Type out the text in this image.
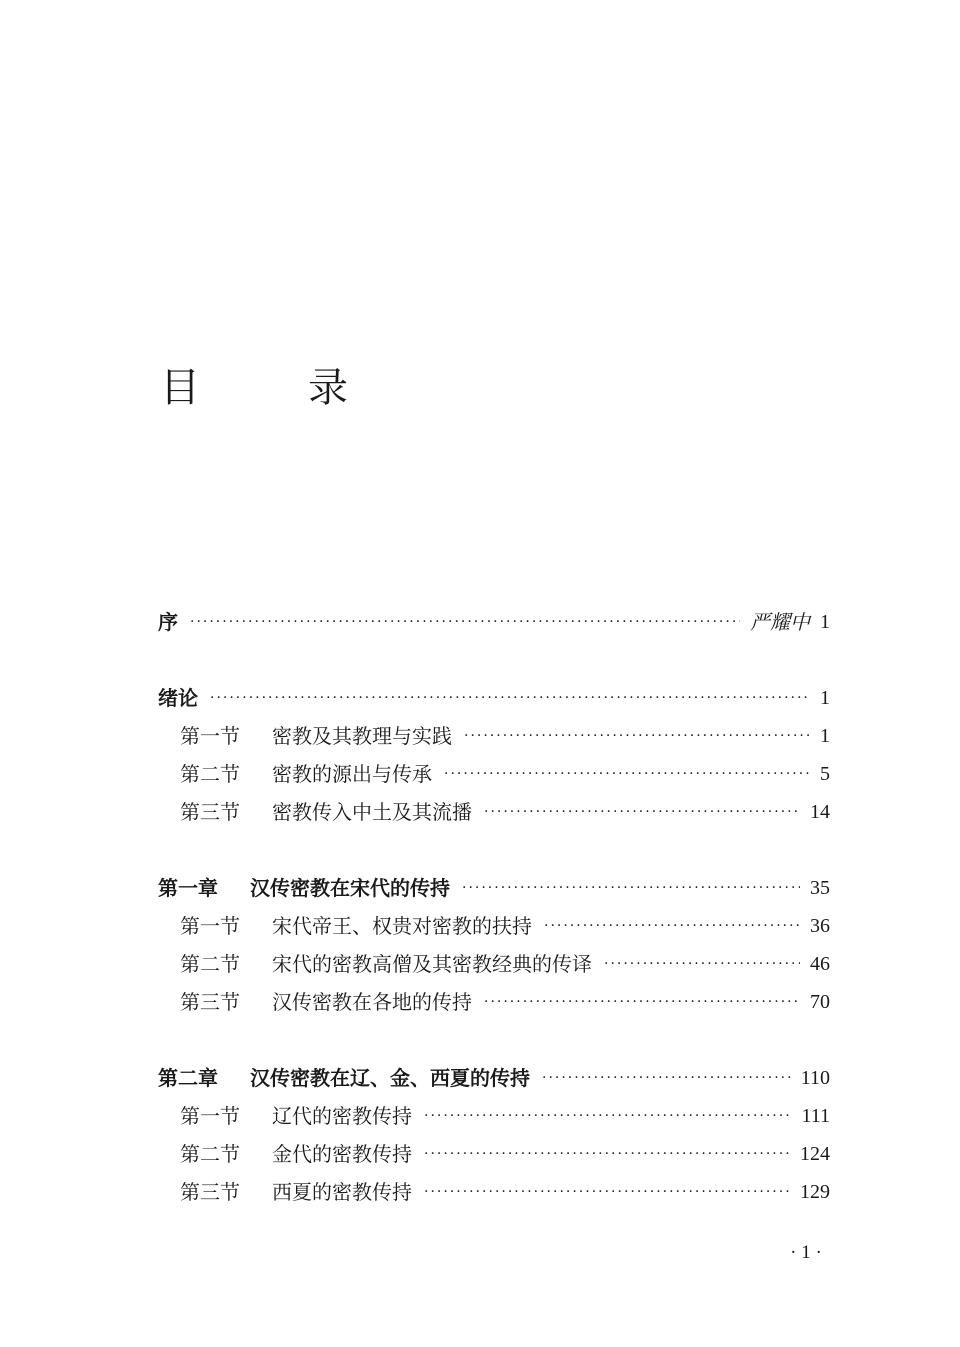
目　录
序 ·····	严耀中 1
绪论 ·····	1
第一节	密教及其教理与实践 ·····	1
第二节	密教的源出与传承 ·····	5
第三节	密教传入中土及其流播 ·····	14
第一章	汉传密教在宋代的传持 ·····	35
第一节	宋代帝王、权贵对密教的扶持 ·····	36
第二节	宋代的密教高僧及其密教经典的传译 ·····	46
第三节	汉传密教在各地的传持 ·····	70
第二章	汉传密教在辽、金、西夏的传持 ·····	110
第一节	辽代的密教传持 ·····	111
第二节	金代的密教传持 ·····	124
第三节	西夏的密教传持 ·····	129
· 1 ·
